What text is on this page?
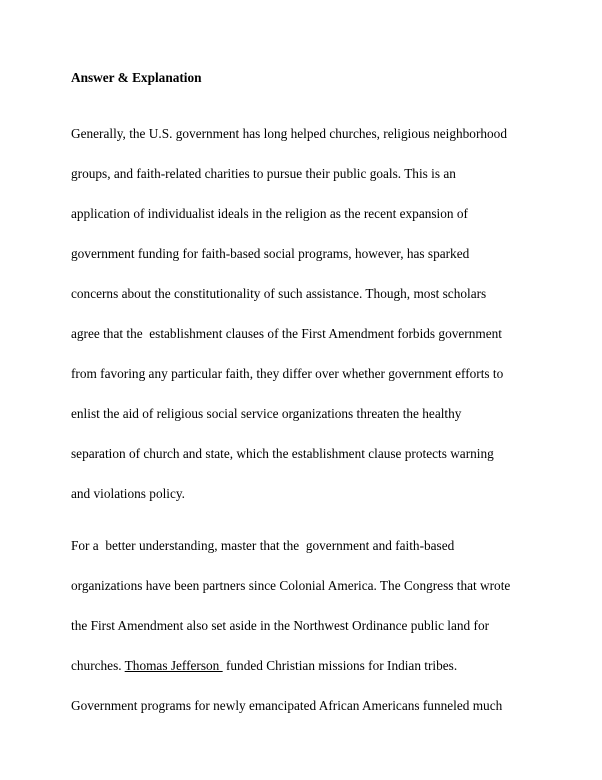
Answer & Explanation
Generally, the U.S. government has long helped churches, religious neighborhood
groups, and faith-related charities to pursue their public goals. This is an
application of individualist ideals in the religion as the recent expansion of
government funding for faith-based social programs, however, has sparked
concerns about the constitutionality of such assistance. Though, most scholars
agree that the  establishment clauses of the First Amendment forbids government
from favoring any particular faith, they differ over whether government efforts to
enlist the aid of religious social service organizations threaten the healthy
separation of church and state, which the establishment clause protects warning
and violations policy.
For a  better understanding, master that the  government and faith-based
organizations have been partners since Colonial America. The Congress that wrote
the First Amendment also set aside in the Northwest Ordinance public land for
churches. Thomas Jefferson  funded Christian missions for Indian tribes.
Government programs for newly emancipated African Americans funneled much
